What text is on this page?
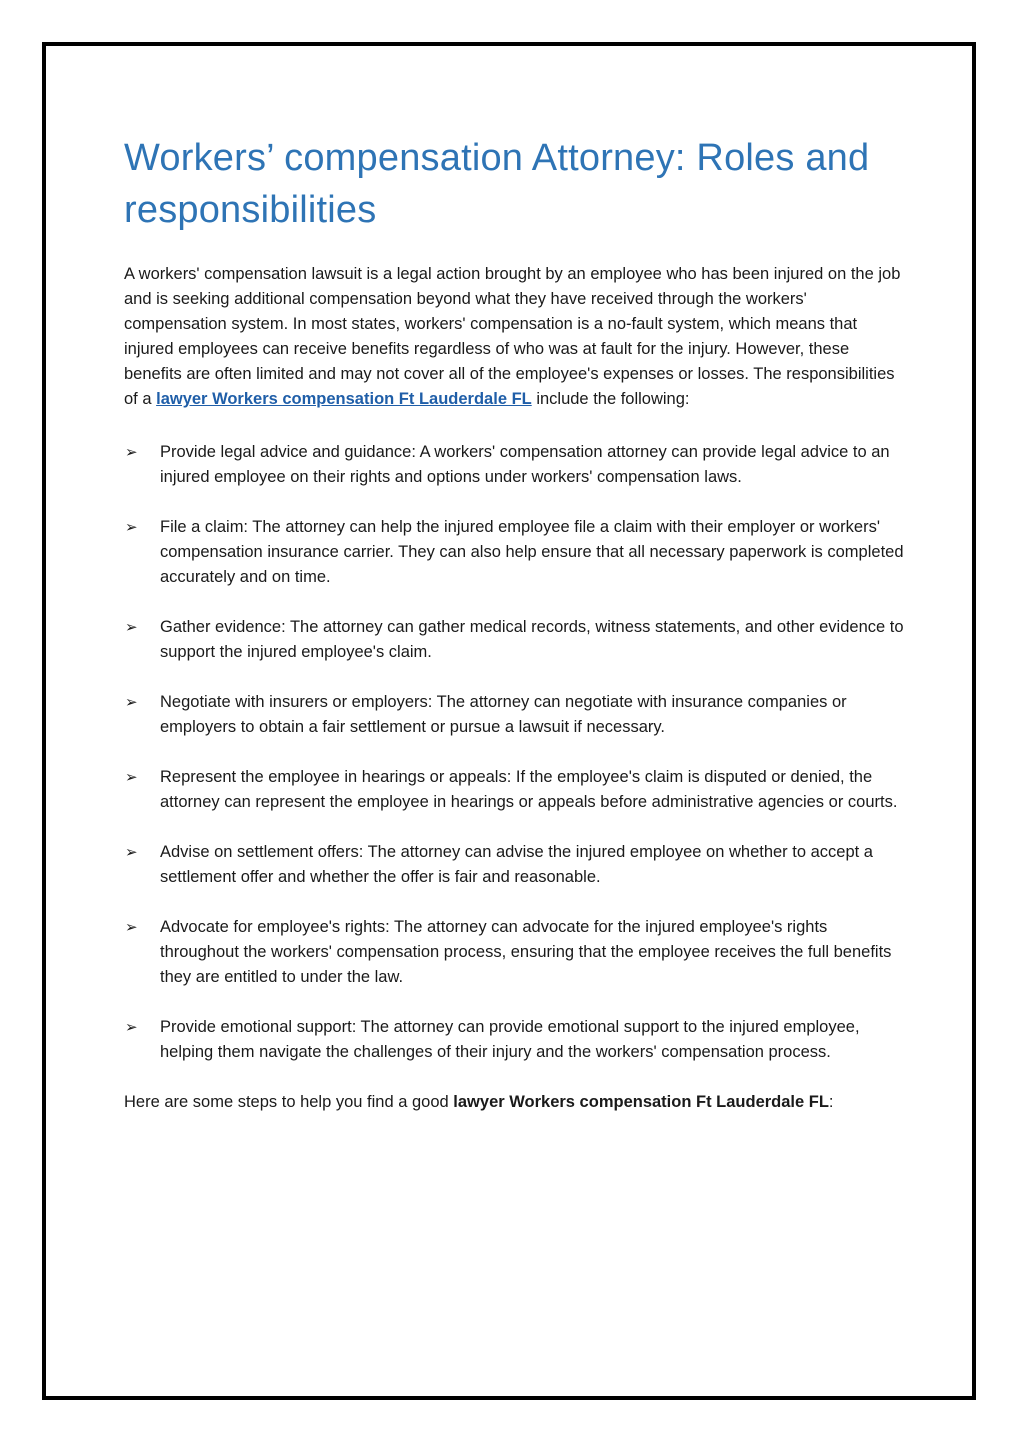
Workers’ compensation Attorney: Roles and responsibilities

A workers' compensation lawsuit is a legal action brought by an employee who has been injured on the job and is seeking additional compensation beyond what they have received through the workers' compensation system. In most states, workers' compensation is a no-fault system, which means that injured employees can receive benefits regardless of who was at fault for the injury. However, these benefits are often limited and may not cover all of the employee's expenses or losses. The responsibilities of a lawyer Workers compensation Ft Lauderdale FL include the following:

➢ Provide legal advice and guidance: A workers' compensation attorney can provide legal advice to an injured employee on their rights and options under workers' compensation laws.
➢ File a claim: The attorney can help the injured employee file a claim with their employer or workers' compensation insurance carrier. They can also help ensure that all necessary paperwork is completed accurately and on time.
➢ Gather evidence: The attorney can gather medical records, witness statements, and other evidence to support the injured employee's claim.
➢ Negotiate with insurers or employers: The attorney can negotiate with insurance companies or employers to obtain a fair settlement or pursue a lawsuit if necessary.
➢ Represent the employee in hearings or appeals: If the employee's claim is disputed or denied, the attorney can represent the employee in hearings or appeals before administrative agencies or courts.
➢ Advise on settlement offers: The attorney can advise the injured employee on whether to accept a settlement offer and whether the offer is fair and reasonable.
➢ Advocate for employee's rights: The attorney can advocate for the injured employee's rights throughout the workers' compensation process, ensuring that the employee receives the full benefits they are entitled to under the law.
➢ Provide emotional support: The attorney can provide emotional support to the injured employee, helping them navigate the challenges of their injury and the workers' compensation process.

Here are some steps to help you find a good lawyer Workers compensation Ft Lauderdale FL:
